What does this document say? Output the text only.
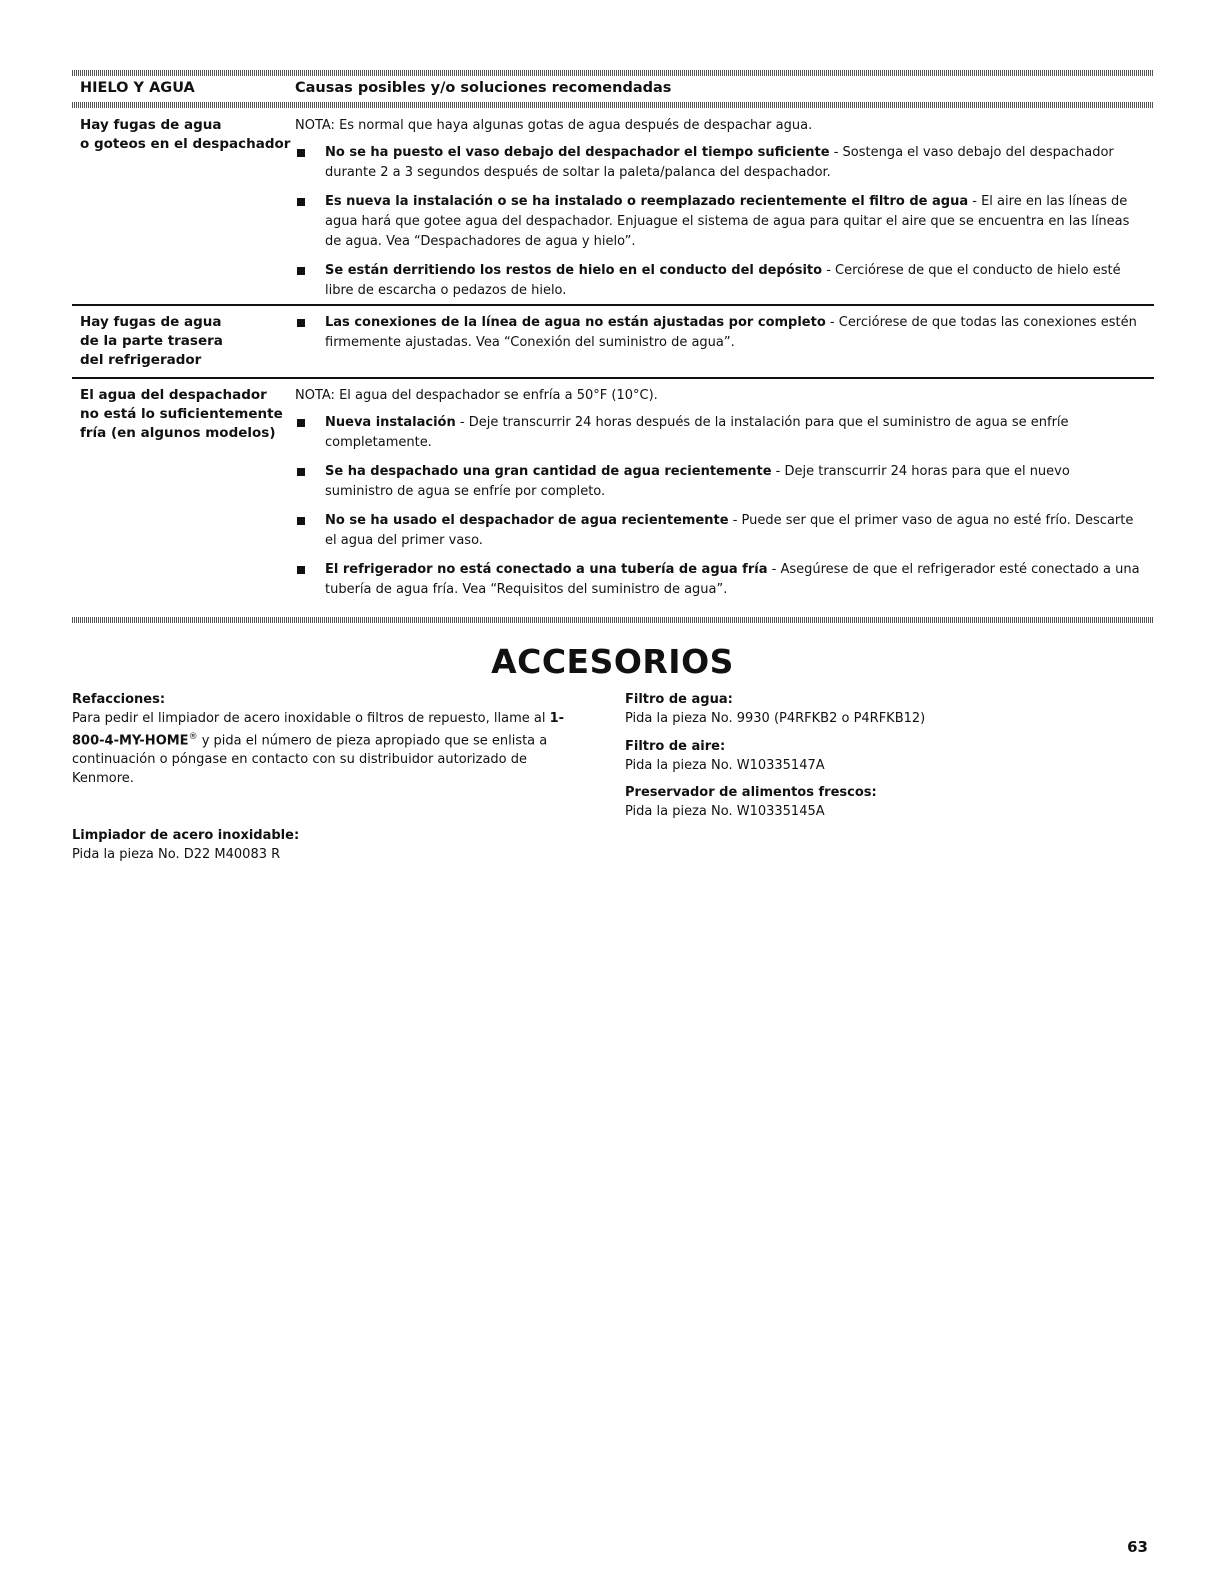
HIELO Y AGUA	Causas posibles y/o soluciones recomendadas
Hay fugas de agua
o goteos en el despachador

NOTA: Es normal que haya algunas gotas de agua después de despachar agua.

No se ha puesto el vaso debajo del despachador el tiempo suficiente - Sostenga el vaso debajo del despachador durante 2 a 3 segundos después de soltar la paleta/palanca del despachador.
Es nueva la instalación o se ha instalado o reemplazado recientemente el filtro de agua - El aire en las líneas de agua hará que gotee agua del despachador. Enjuague el sistema de agua para quitar el aire que se encuentra en las líneas de agua. Vea “Despachadores de agua y hielo”.
Se están derritiendo los restos de hielo en el conducto del depósito - Cerciórese de que el conducto de hielo esté libre de escarcha o pedazos de hielo.
Hay fugas de agua
de la parte trasera
del refrigerador
Las conexiones de la línea de agua no están ajustadas por completo - Cerciórese de que todas las conexiones estén firmemente ajustadas. Vea “Conexión del suministro de agua”.
El agua del despachador
no está lo suficientemente
fría (en algunos modelos)

NOTA: El agua del despachador se enfría a 50°F (10°C).

Nueva instalación - Deje transcurrir 24 horas después de la instalación para que el suministro de agua se enfríe completamente.
Se ha despachado una gran cantidad de agua recientemente - Deje transcurrir 24 horas para que el nuevo suministro de agua se enfríe por completo.
No se ha usado el despachador de agua recientemente - Puede ser que el primer vaso de agua no esté frío. Descarte el agua del primer vaso.
El refrigerador no está conectado a una tubería de agua fría - Asegúrese de que el refrigerador esté conectado a una tubería de agua fría. Vea “Requisitos del suministro de agua”.
ACCESORIOS

Refacciones:

Para pedir el limpiador de acero inoxidable o filtros de repuesto, llame al 1-800-4-MY-HOME® y pida el número de pieza apropiado que se enlista a continuación o póngase en contacto con su distribuidor autorizado de Kenmore.

Limpiador de acero inoxidable:

Pida la pieza No. D22 M40083 R

Filtro de agua:

Pida la pieza No. 9930 (P4RFKB2 o P4RFKB12)

Filtro de aire:

Pida la pieza No. W10335147A

Preservador de alimentos frescos:

Pida la pieza No. W10335145A

63
